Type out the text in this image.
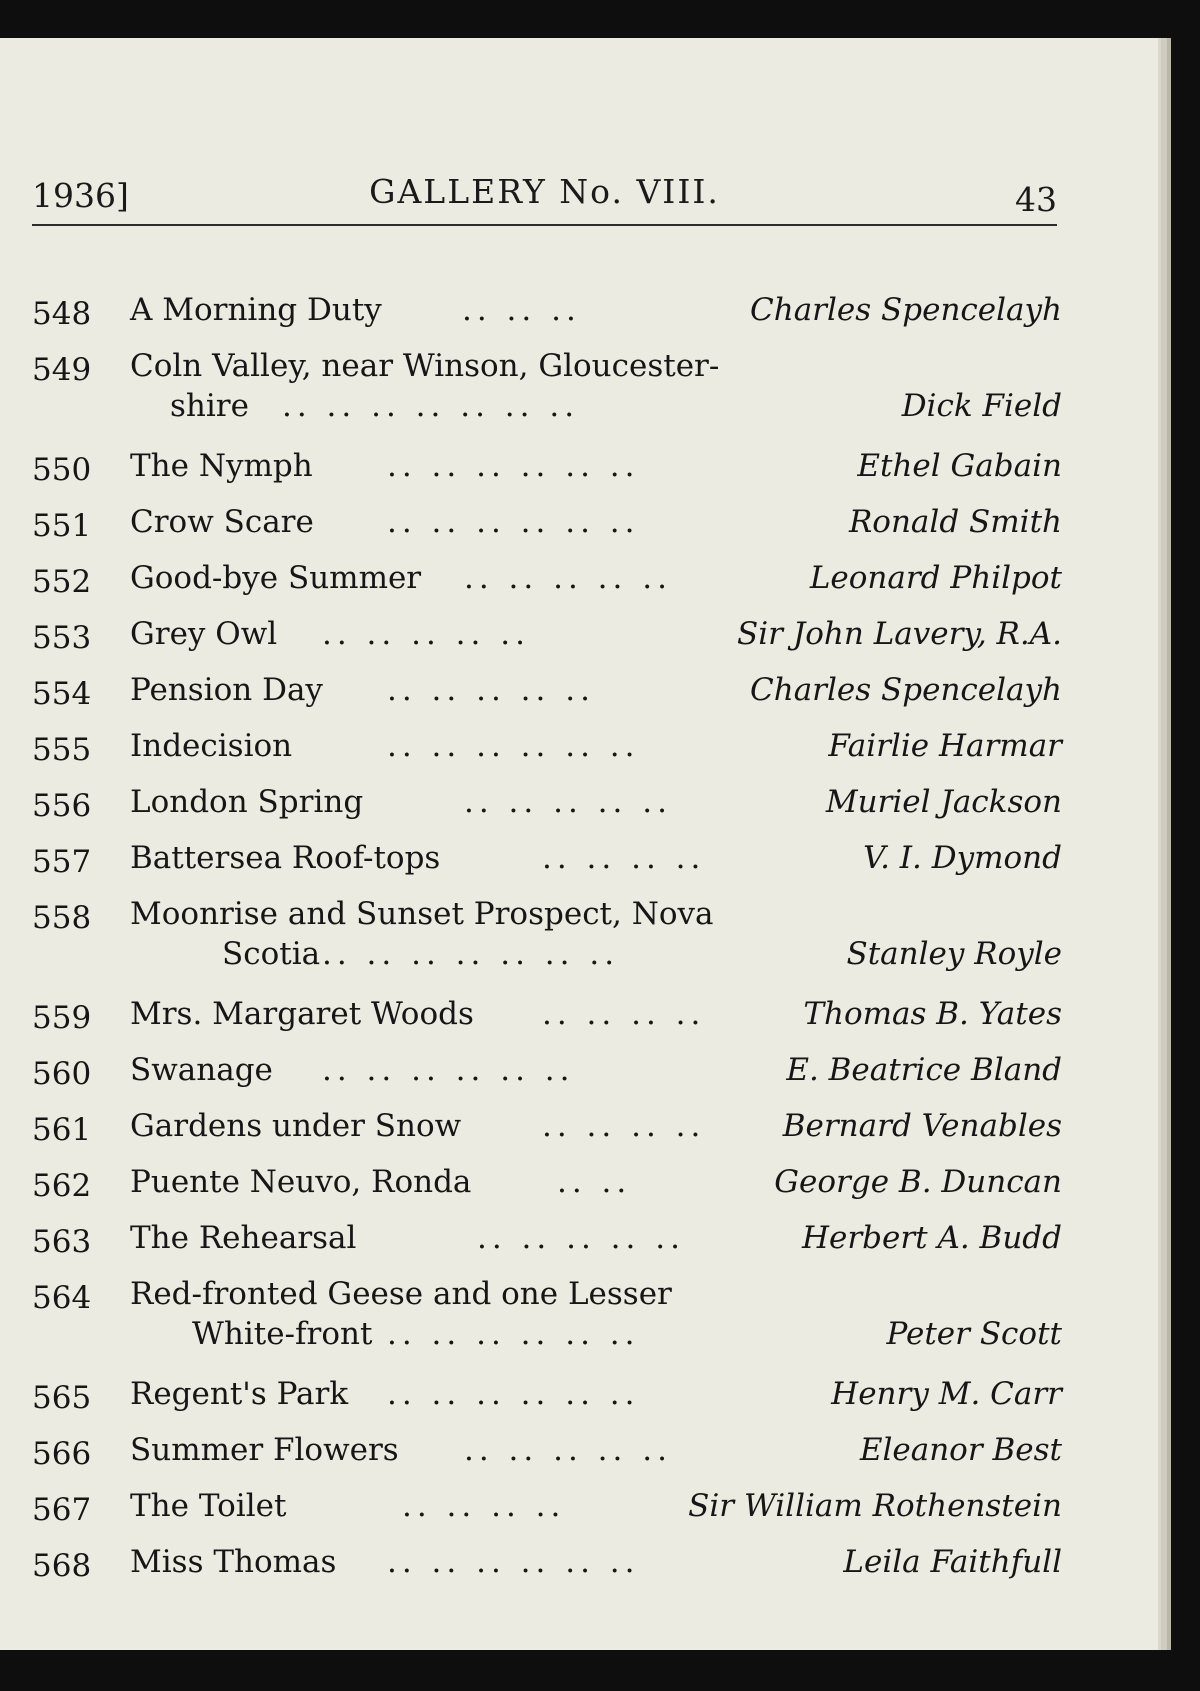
1936]	GALLERY No. VIII.	43
548 A Morning Duty	.. .. ..	Charles Spencelayh
549 Coln Valley, near Winson, Gloucester-
shire .. .. .. .. .. .. ..	Dick Field
550 The Nymph .. .. .. .. .. ..	Ethel Gabain
551 Crow Scare .. .. .. .. .. ..	Ronald Smith
552 Good-bye Summer .. .. .. .. ..	Leonard Philpot
553 Grey Owl .. .. .. .. ..	Sir John Lavery, R.A.
554 Pension Day .. .. .. .. ..	Charles Spencelayh
555 Indecision	.. .. .. .. .. ..	Fairlie Harmar
556 London Spring	.. .. .. .. ..	Muriel Jackson
557 Battersea Roof-tops	.. .. .. ..	V. I. Dymond
558 Moonrise and Sunset Prospect, Nova
Scotia .. .. .. .. .. .. ..	Stanley Royle
559 Mrs. Margaret Woods .. .. .. ..	Thomas B. Yates
560 Swanage .. .. .. .. .. ..	E. Beatrice Bland
561 Gardens under Snow	.. .. .. .. Bernard Venables
562 Puente Neuvo, Ronda	.. ..	George B. Duncan
563 The Rehearsal	.. .. .. .. ..	Herbert A. Budd
564 Red-fronted Geese and one Lesser
White-front .. .. .. .. .. ..	Peter Scott
565 Regent's Park .. .. .. .. .. ..	Henry M. Carr
566 Summer Flowers .. .. .. .. ..	Eleanor Best
567 The Toilet	.. .. .. ..	Sir William Rothenstein
568 Miss Thomas .. .. .. .. .. ..	Leila Faithfull
